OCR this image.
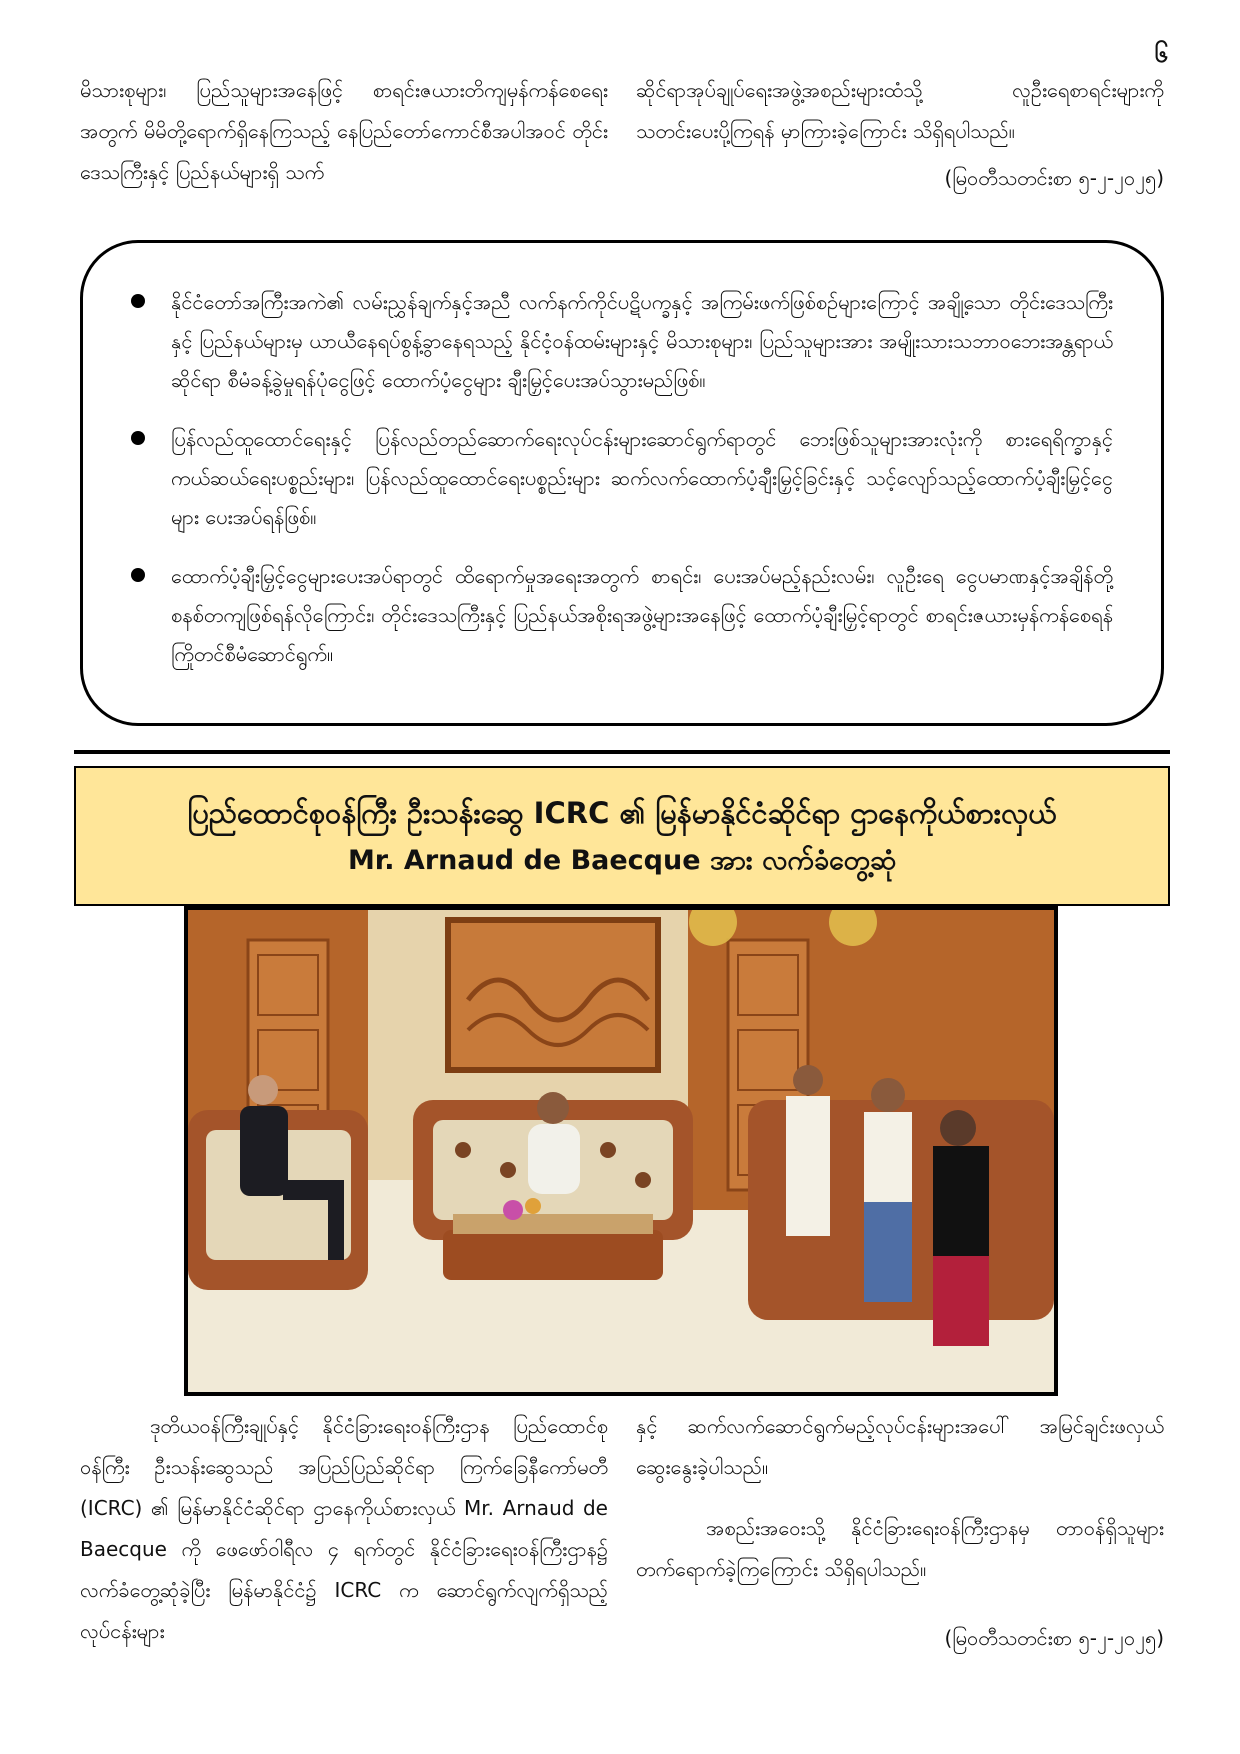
၆

မိသားစုများ၊ ပြည်သူများအနေဖြင့် စာရင်းဇယားတိကျမှန်ကန်စေရေးအတွက် မိမိတို့ရောက်ရှိနေကြသည့် နေပြည်တော်ကောင်စီအပါအဝင် တိုင်းဒေသကြီးနှင့် ပြည်နယ်များရှိ သက်

ဆိုင်ရာအုပ်ချုပ်ရေးအဖွဲ့အစည်းများထံသို့ လူဦးရေစာရင်းများကို သတင်းပေးပို့ကြရန် မှာကြားခဲ့ကြောင်း သိရှိရပါသည်။

(မြဝတီသတင်းစာ ၅-၂-၂၀၂၅)

နိုင်ငံတော်အကြီးအကဲ၏ လမ်းညွှန်ချက်နှင့်အညီ လက်နက်ကိုင်ပဋိပက္ခနှင့် အကြမ်းဖက်ဖြစ်စဉ်များကြောင့် အချို့သော တိုင်းဒေသကြီးနှင့် ပြည်နယ်များမှ ယာယီနေရပ်စွန့်ခွာနေရသည့် နိုင်ငံ့ဝန်ထမ်းများနှင့် မိသားစုများ၊ ပြည်သူများအား အမျိုးသားသဘာဝဘေးအန္တရာယ်ဆိုင်ရာ စီမံခန့်ခွဲမှုရန်ပုံငွေဖြင့် ထောက်ပံ့ငွေများ ချီးမြှင့်ပေးအပ်သွားမည်ဖြစ်။
ပြန်လည်ထူထောင်ရေးနှင့် ပြန်လည်တည်ဆောက်ရေးလုပ်ငန်းများဆောင်ရွက်ရာတွင် ဘေးဖြစ်သူများအားလုံးကို စားရေရိက္ခာနှင့် ကယ်ဆယ်ရေးပစ္စည်းများ၊ ပြန်လည်ထူထောင်ရေးပစ္စည်းများ ဆက်လက်ထောက်ပံ့ချီးမြှင့်ခြင်းနှင့် သင့်လျော်သည့်ထောက်ပံ့ချီးမြှင့်ငွေများ ပေးအပ်ရန်ဖြစ်။
ထောက်ပံ့ချီးမြှင့်ငွေများပေးအပ်ရာတွင် ထိရောက်မှုအရေးအတွက် စာရင်း၊ ပေးအပ်မည့်နည်းလမ်း၊ လူဦးရေ ငွေပမာဏနှင့်အချိန်တို့ စနစ်တကျဖြစ်ရန်လိုကြောင်း၊ တိုင်းဒေသကြီးနှင့် ပြည်နယ်အစိုးရအဖွဲ့များအနေဖြင့် ထောက်ပံ့ချီးမြှင့်ရာတွင် စာရင်းဇယားမှန်ကန်စေရန် ကြိုတင်စီမံဆောင်ရွက်။
ပြည်ထောင်စုဝန်ကြီး ဦးသန်းဆွေ ICRC ၏ မြန်မာနိုင်ငံဆိုင်ရာ ဌာနေကိုယ်စားလှယ်
Mr. Arnaud de Baecque အား လက်ခံတွေ့ဆုံ

ဒုတိယဝန်ကြီးချုပ်နှင့် နိုင်ငံခြားရေးဝန်ကြီးဌာန ပြည်ထောင်စုဝန်ကြီး ဦးသန်းဆွေသည် အပြည်ပြည်ဆိုင်ရာ ကြက်ခြေနီကော်မတီ (ICRC) ၏ မြန်မာနိုင်ငံဆိုင်ရာ ဌာနေကိုယ်စားလှယ် Mr. Arnaud de Baecque ကို ဖေဖော်ဝါရီလ ၄ ရက်တွင် နိုင်ငံခြားရေးဝန်ကြီးဌာန၌ လက်ခံတွေ့ဆုံခဲ့ပြီး မြန်မာနိုင်ငံ၌ ICRC က ဆောင်ရွက်လျက်ရှိသည့်လုပ်ငန်းများ

နှင့် ဆက်လက်ဆောင်ရွက်မည့်လုပ်ငန်းများအပေါ် အမြင်ချင်းဖလှယ်ဆွေးနွေးခဲ့ပါသည်။

အစည်းအဝေးသို့ နိုင်ငံခြားရေးဝန်ကြီးဌာနမှ တာဝန်ရှိသူများ တက်ရောက်ခဲ့ကြကြောင်း သိရှိရပါသည်။

(မြဝတီသတင်းစာ ၅-၂-၂၀၂၅)
